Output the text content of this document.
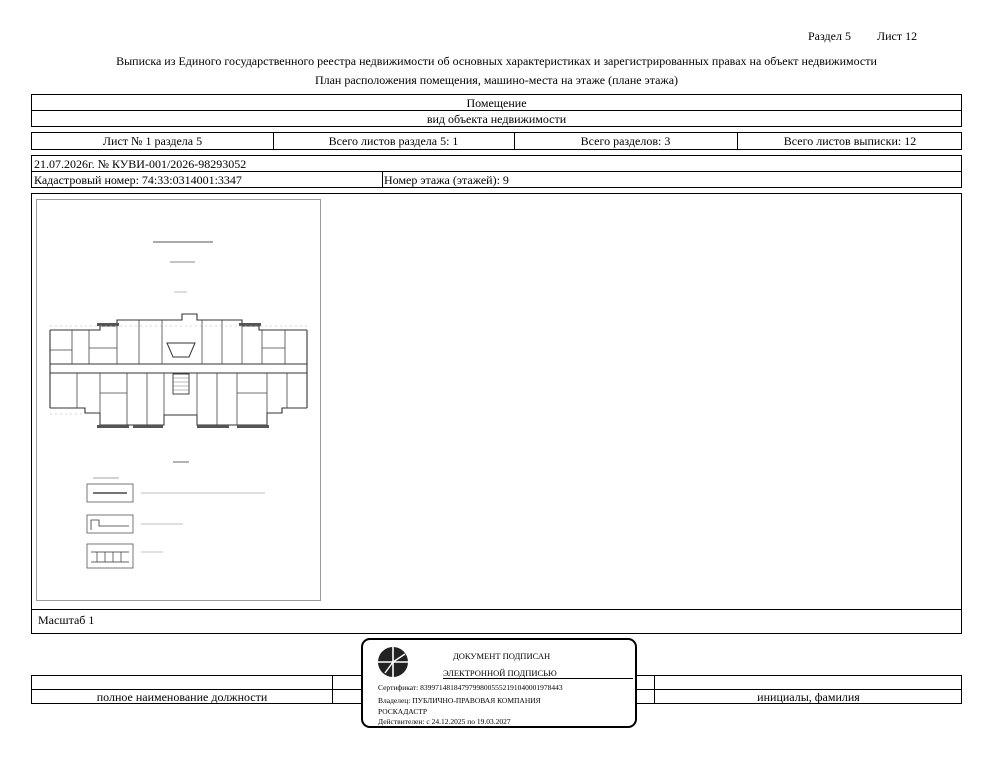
Раздел 5 Лист 12
Выписка из Единого государственного реестра недвижимости об основных характеристиках и зарегистрированных правах на объект недвижимости
План расположения помещения, машино-места на этаже (плане этажа)
Помещение
вид объекта недвижимости
Лист № 1 раздела 5	Всего листов раздела 5: 1	Всего разделов: 3	Всего листов выписки: 12
21.07.2026г. № КУВИ-001/2026-98293052
Кадастровый номер: 74:33:0314001:3347	Номер этажа (этажей): 9
Масштаб 1
полное наименование должности	инициалы, фамилия
ДОКУМЕНТ ПОДПИСАН
ЭЛЕКТРОННОЙ ПОДПИСЬЮ
Сертификат: 83997148184797998005552191040001978443
Владелец: ПУБЛИЧНО-ПРАВОВАЯ КОМПАНИЯ
РОСКАДАСТР
Действителен: с 24.12.2025 по 19.03.2027
